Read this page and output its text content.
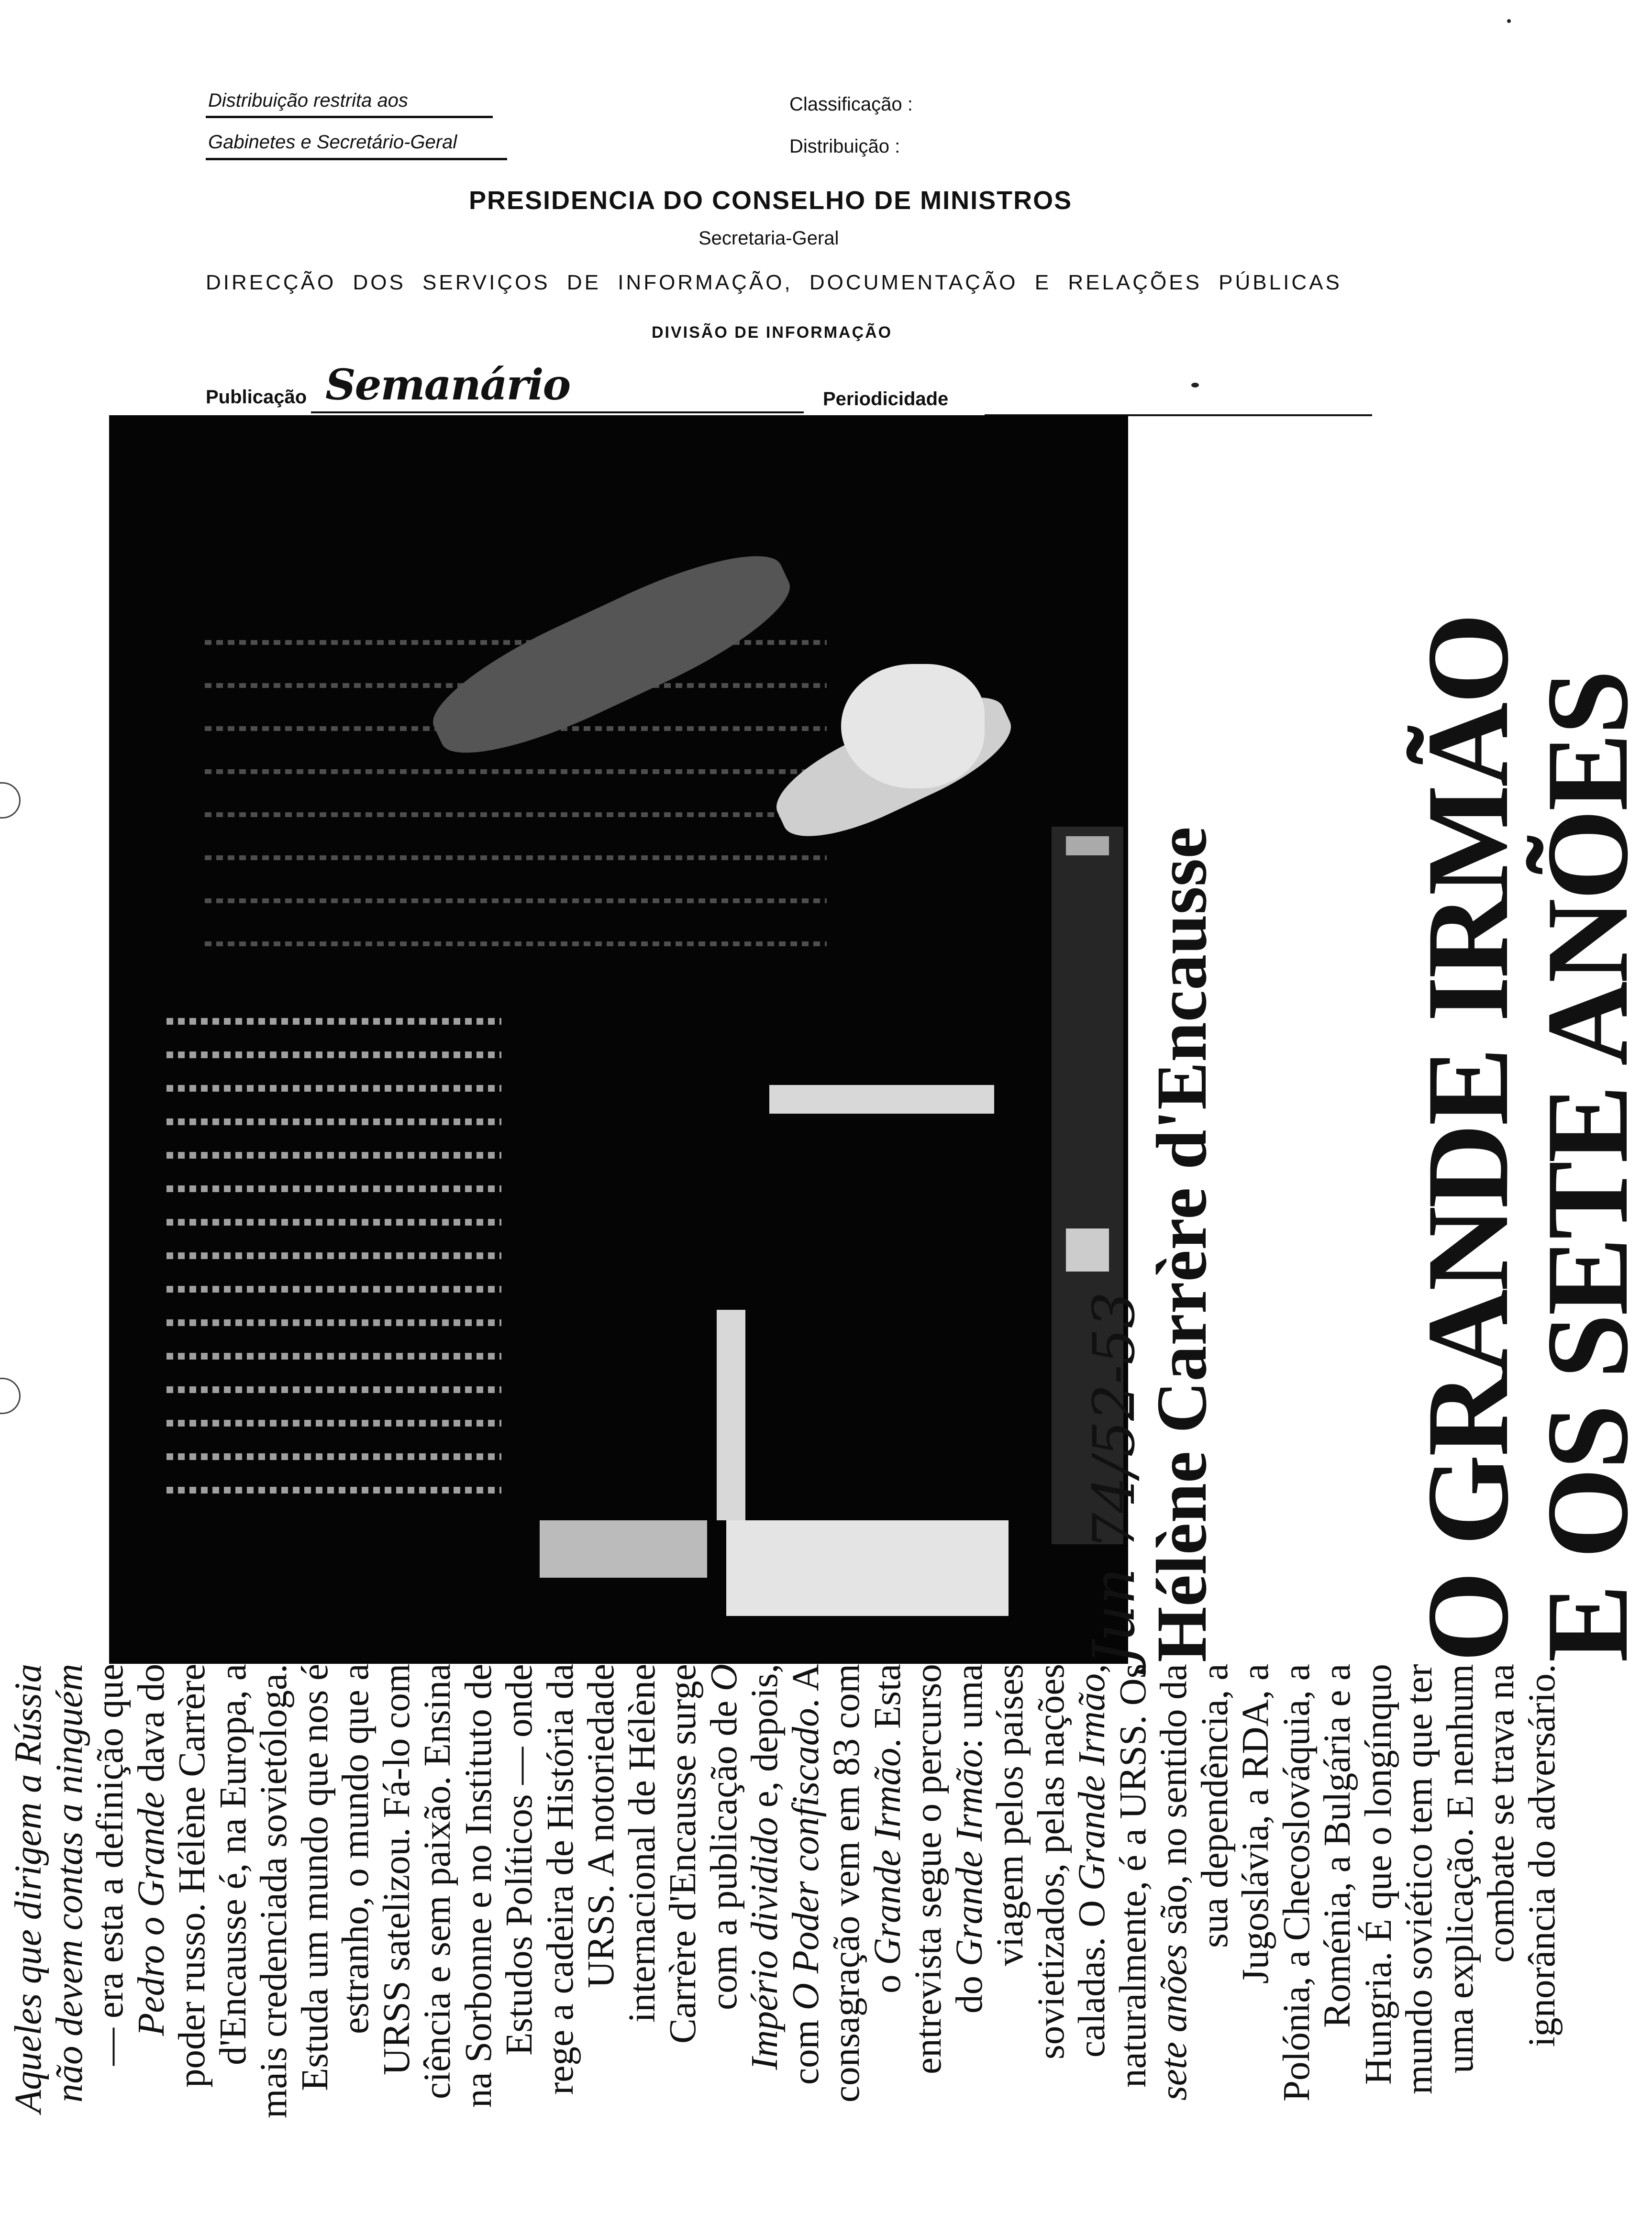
Distribuição restrita aos
Gabinetes e Secretário-Geral
Classificação :
Distribuição :
PRESIDENCIA DO CONSELHO DE MINISTROS
Secretaria-Geral
DIRECÇÃO DOS SERVIÇOS DE INFORMAÇÃO, DOCUMENTAÇÃO E RELAÇÕES PÚBLICAS
DIVISÃO DE INFORMAÇÃO
Publicação Semanário	Periodicidade
O GRANDE IRMÃO
E OS SETE ANÕES
Hélène Carrère d'Encausse
Jun 74/52-53
Aqueles que dirigem a Rússia
não devem contas a ninguém
— era esta a definição que
Pedro o Grande dava do
poder russo. Hélène Carrère
d'Encausse é, na Europa, a
mais credenciada sovietóloga.
Estuda um mundo que nos é
estranho, o mundo que a
URSS satelizou. Fá-lo com
ciência e sem paixão. Ensina
na Sorbonne e no Instituto de
Estudos Políticos — onde
rege a cadeira de História da
URSS. A notoriedade
internacional de Hélène
Carrère d'Encausse surge
com a publicação de O
Império dividido e, depois,
com O Poder confiscado. A
consagração vem em 83 com
o Grande Irmão. Esta
entrevista segue o percurso
do Grande Irmão: uma
viagem pelos países
sovietizados, pelas nações
caladas. O Grande Irmão,
naturalmente, é a URSS. Os
sete anões são, no sentido da
sua dependência, a
Jugoslávia, a RDA, a
Polónia, a Checoslováquia, a
Roménia, a Bulgária e a
Hungria. É que o longínquo
mundo soviético tem que ter
uma explicação. E nenhum
combate se trava na
ignorância do adversário.
